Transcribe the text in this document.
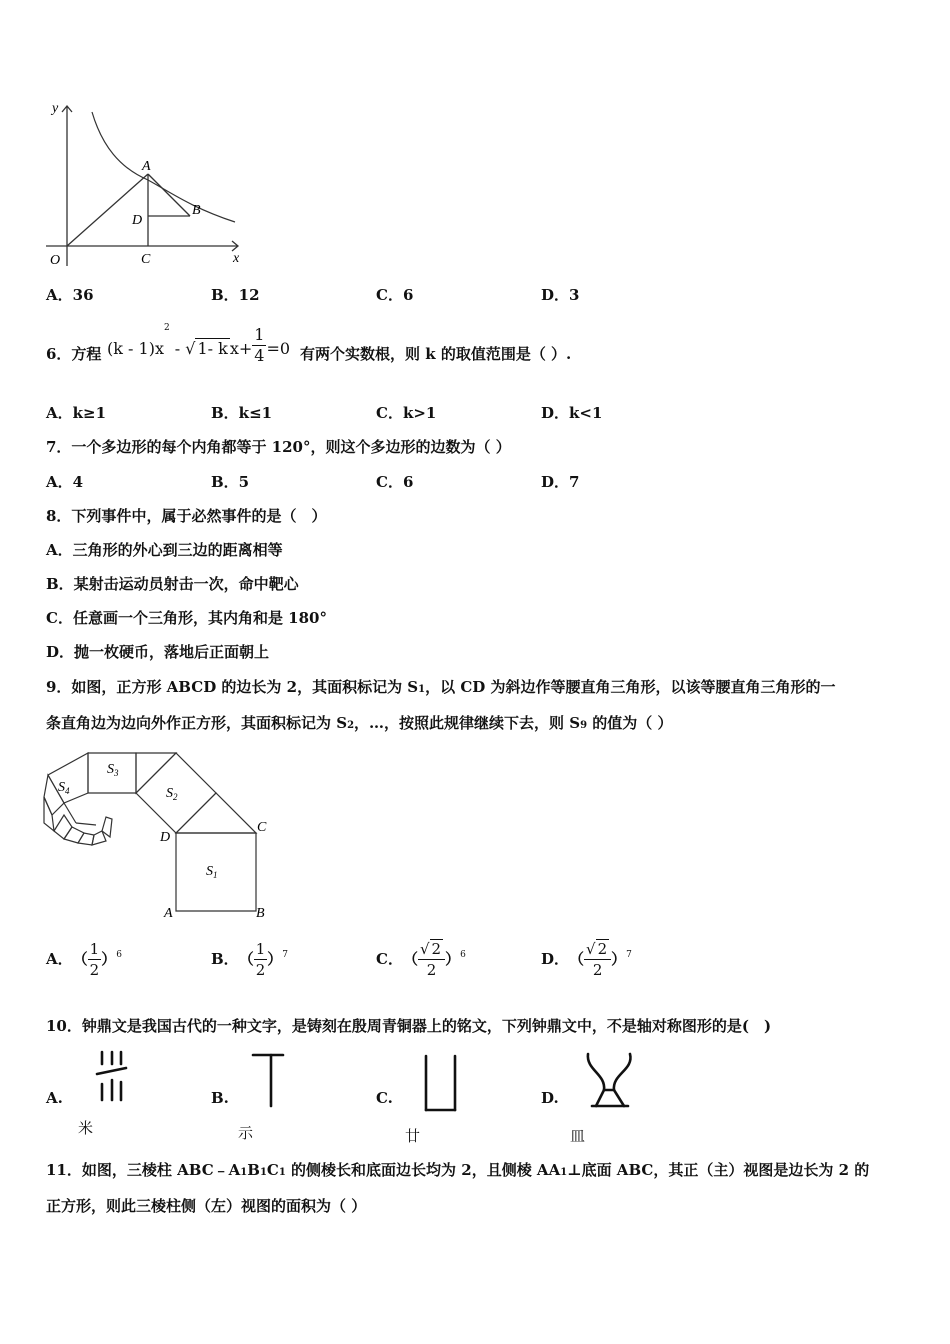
y
x
O
A
B
C
D
A．36	B．12	C．6	D．3
6．方程 $(k - 1)x^2$ - √ 1- k $x+ \frac{1}{4} =0$ 有两个实数根，则 k 的取值范围是（ ）.
A．k≥1	B．k≤1	C．k>1	D．k<1
7．一个多边形的每个内角都等于 120°，则这个多边形的边数为（ ）
A．4	B．5	C．6	D．7
8．下列事件中，属于必然事件的是（　）
A．三角形的外心到三边的距离相等
B．某射击运动员射击一次，命中靶心
C．任意画一个三角形，其内角和是 180°
D．抛一枚硬币，落地后正面朝上
9．如图，正方形 ABCD 的边长为 2，其面积标记为 $S_1$，以 CD 为斜边作等腰直角三角形，以该等腰直角三角形的一
条直角边为边向外作正方形，其面积标记为 $S_2$，…，按照此规律继续下去，则 $S_9$ 的值为（ ）
$S_1$
$S_2$
$S_3$
$S_4$
A	B
C
D
A． （ $\frac{1}{2}$ ） 6	B． （ $\frac{1}{2}$ ） 7	C． （ $\frac{√ 2}{2}$ ） 6	D． （ $\frac{√ 2}{2}$ ） 7
10．钟鼎文是我国古代的一种文字，是铸刻在殷周青铜器上的铭文，下列钟鼎文中，不是轴对称图形的是(　)
A.
米
B.
示
C.
廿
D.
皿
11．如图，三棱柱 $ABC﹣A_1B_1C_1$ 的侧棱长和底面边长均为 2，且侧棱 $AA_1\perp$底面 ABC，其正（主）视图是边长为 2 的
正方形，则此三棱柱侧（左）视图的面积为（ ）
